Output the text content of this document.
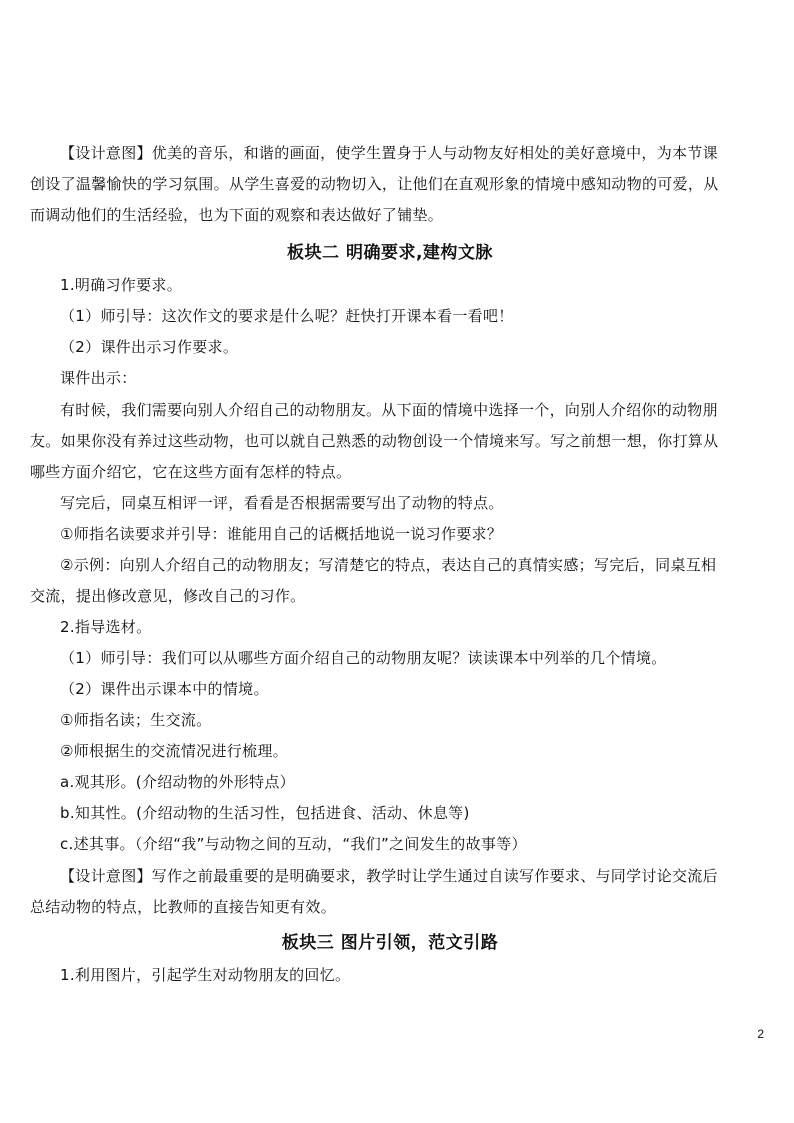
【设计意图】优美的音乐，和谐的画面，使学生置身于人与动物友好相处的美好意境中，为本节课
创设了温馨愉快的学习氛围。从学生喜爱的动物切入，让他们在直观形象的情境中感知动物的可爱，从
而调动他们的生活经验，也为下面的观察和表达做好了铺垫。
板块二 明确要求,建构文脉
1.明确习作要求。
（1）师引导：这次作文的要求是什么呢？赶快打开课本看一看吧！
（2）课件出示习作要求。
课件出示：
有时候，我们需要向别人介绍自己的动物朋友。从下面的情境中选择一个，向别人介绍你的动物朋
友。如果你没有养过这些动物，也可以就自己熟悉的动物创设一个情境来写。写之前想一想，你打算从
哪些方面介绍它，它在这些方面有怎样的特点。
写完后，同桌互相评一评，看看是否根据需要写出了动物的特点。
①师指名读要求并引导：谁能用自己的话概括地说一说习作要求？
②示例：向别人介绍自己的动物朋友；写清楚它的特点，表达自己的真情实感；写完后，同桌互相
交流，提出修改意见，修改自己的习作。
2.指导选材。
（1）师引导：我们可以从哪些方面介绍自己的动物朋友呢？读读课本中列举的几个情境。
（2）课件出示课本中的情境。
①师指名读；生交流。
②师根据生的交流情况进行梳理。
a.观其形。(介绍动物的外形特点）
b.知其性。(介绍动物的生活习性，包括进食、活动、休息等)
c.述其事。（介绍“我”与动物之间的互动，“我们”之间发生的故事等）
【设计意图】写作之前最重要的是明确要求，教学时让学生通过自读写作要求、与同学讨论交流后
总结动物的特点，比教师的直接告知更有效。
板块三 图片引领，范文引路
1.利用图片，引起学生对动物朋友的回忆。
2
